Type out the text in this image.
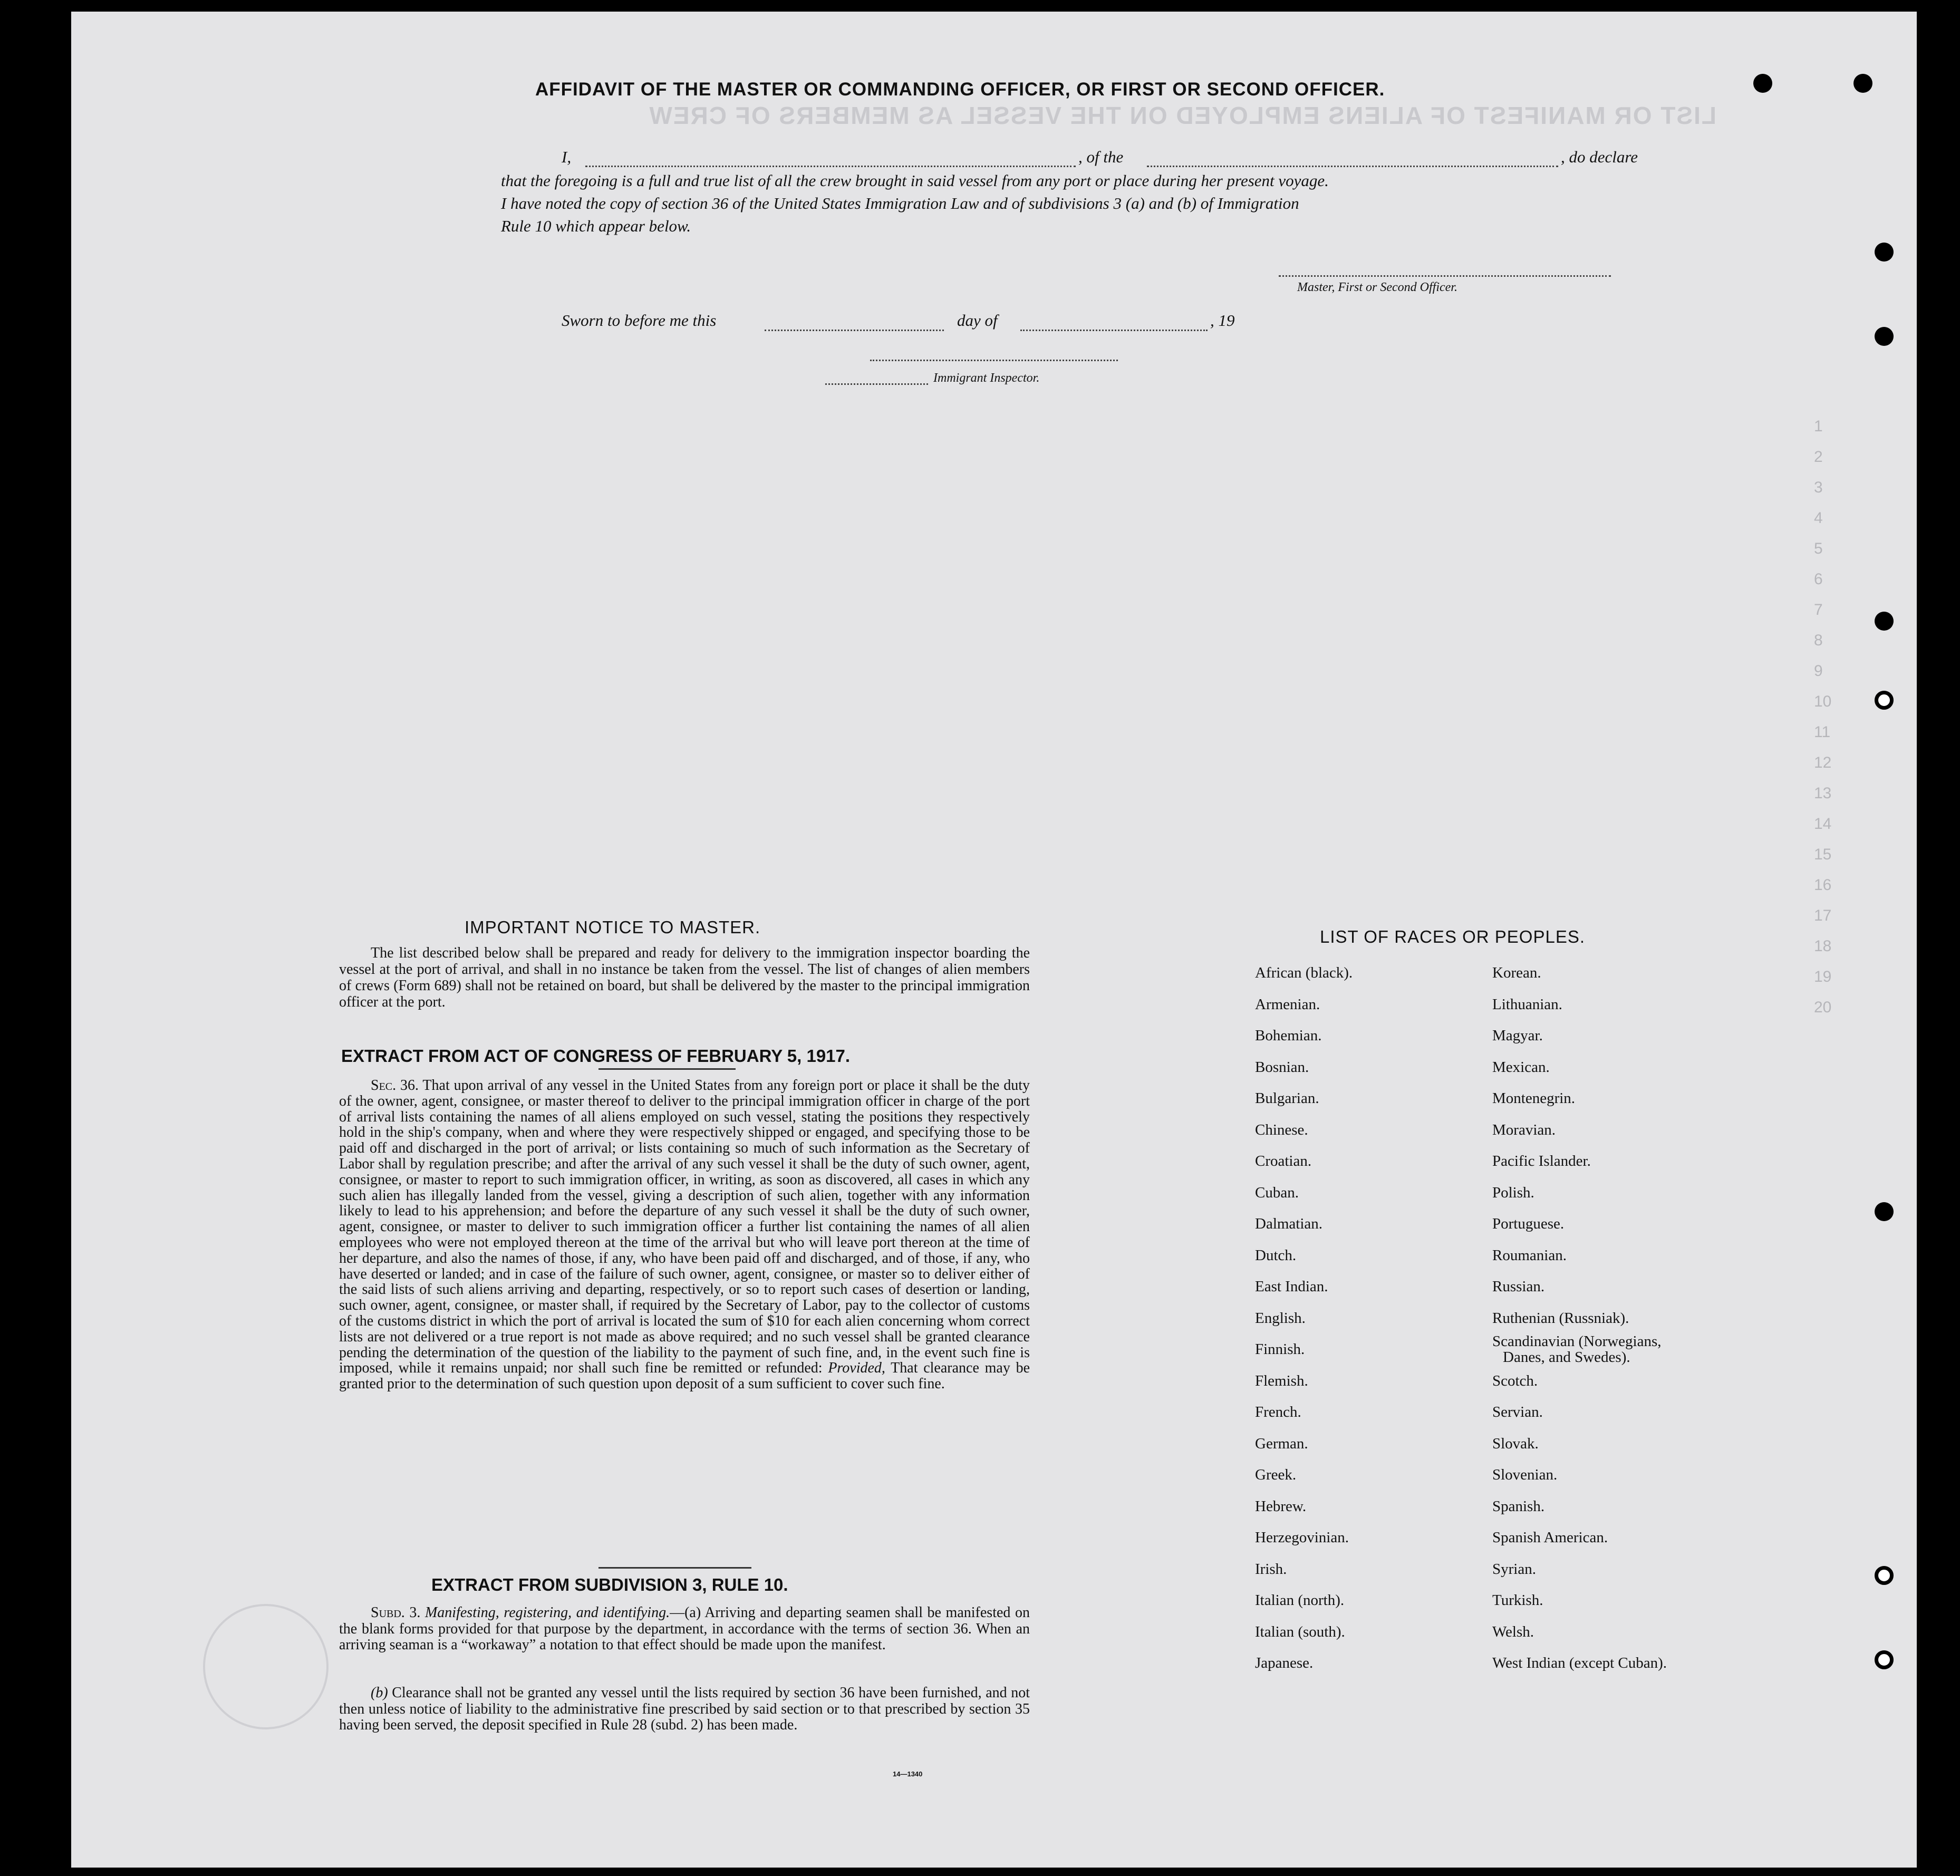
LIST OR MANIFEST OF ALIENS EMPLOYED ON THE VESSEL AS MEMBERS OF CREW
1
2
3
4
5
6
7
8
9
10
11
12
13
14
15
16
17
18
19
20
AFFIDAVIT OF THE MASTER OR COMMANDING OFFICER, OR FIRST OR SECOND OFFICER.
I,	, of the	, do declare
that the foregoing is a full and true list of all the crew brought in said vessel from any port or place during her present voyage.
I have noted the copy of section 36 of the United States Immigration Law and of subdivisions 3 (a) and (b) of Immigration
Rule 10 which appear below.
Master, First or Second Officer.
Sworn to before me this	day of	, 19
Immigrant Inspector.
IMPORTANT NOTICE TO MASTER.
The list described below shall be prepared and ready for delivery to the immigration inspector boarding the vessel at the port of arrival, and shall in no instance be taken from the vessel. The list of changes of alien members of crews (Form 689) shall not be retained on board, but shall be delivered by the master to the principal immigration officer at the port.
EXTRACT FROM ACT OF CONGRESS OF FEBRUARY 5, 1917.
Sec. 36. That upon arrival of any vessel in the United States from any foreign port or place it shall be the duty of the owner, agent, consignee, or master thereof to deliver to the principal immigration officer in charge of the port of arrival lists containing the names of all aliens employed on such vessel, stating the positions they respectively hold in the ship's company, when and where they were respectively shipped or engaged, and specifying those to be paid off and discharged in the port of arrival; or lists containing so much of such information as the Secretary of Labor shall by regulation prescribe; and after the arrival of any such vessel it shall be the duty of such owner, agent, consignee, or master to report to such immigration officer, in writing, as soon as discovered, all cases in which any such alien has illegally landed from the vessel, giving a description of such alien, together with any information likely to lead to his apprehension; and before the departure of any such vessel it shall be the duty of such owner, agent, consignee, or master to deliver to such immigration officer a further list containing the names of all alien employees who were not employed thereon at the time of the arrival but who will leave port thereon at the time of her departure, and also the names of those, if any, who have been paid off and discharged, and of those, if any, who have deserted or landed; and in case of the failure of such owner, agent, consignee, or master so to deliver either of the said lists of such aliens arriving and departing, respectively, or so to report such cases of desertion or landing, such owner, agent, consignee, or master shall, if required by the Secretary of Labor, pay to the collector of customs of the customs district in which the port of arrival is located the sum of $10 for each alien concerning whom correct lists are not delivered or a true report is not made as above required; and no such vessel shall be granted clearance pending the determination of the question of the liability to the payment of such fine, and, in the event such fine is imposed, while it remains unpaid; nor shall such fine be remitted or refunded: Provided, That clearance may be granted prior to the determination of such question upon deposit of a sum sufficient to cover such fine.
EXTRACT FROM SUBDIVISION 3, RULE 10.
Subd. 3. Manifesting, registering, and identifying.—(a) Arriving and departing seamen shall be manifested on the blank forms provided for that purpose by the department, in accordance with the terms of section 36. When an arriving seaman is a “workaway” a notation to that effect should be made upon the manifest.
(b) Clearance shall not be granted any vessel until the lists required by section 36 have been furnished, and not then unless notice of liability to the administrative fine prescribed by said section or to that prescribed by section 35 having been served, the deposit specified in Rule 28 (subd. 2) has been made.
14—1340
LIST OF RACES OR PEOPLES.
African (black).
Armenian.
Bohemian.
Bosnian.
Bulgarian.
Chinese.
Croatian.
Cuban.
Dalmatian.
Dutch.
East Indian.
English.
Finnish.
Flemish.
French.
German.
Greek.
Hebrew.
Herzegovinian.
Irish.
Italian (north).
Italian (south).
Japanese.
Korean.
Lithuanian.
Magyar.
Mexican.
Montenegrin.
Moravian.
Pacific Islander.
Polish.
Portuguese.
Roumanian.
Russian.
Ruthenian (Russniak).
Scandinavian (Norwegians,
Danes, and Swedes).
Scotch.
Servian.
Slovak.
Slovenian.
Spanish.
Spanish American.
Syrian.
Turkish.
Welsh.
West Indian (except Cuban).
